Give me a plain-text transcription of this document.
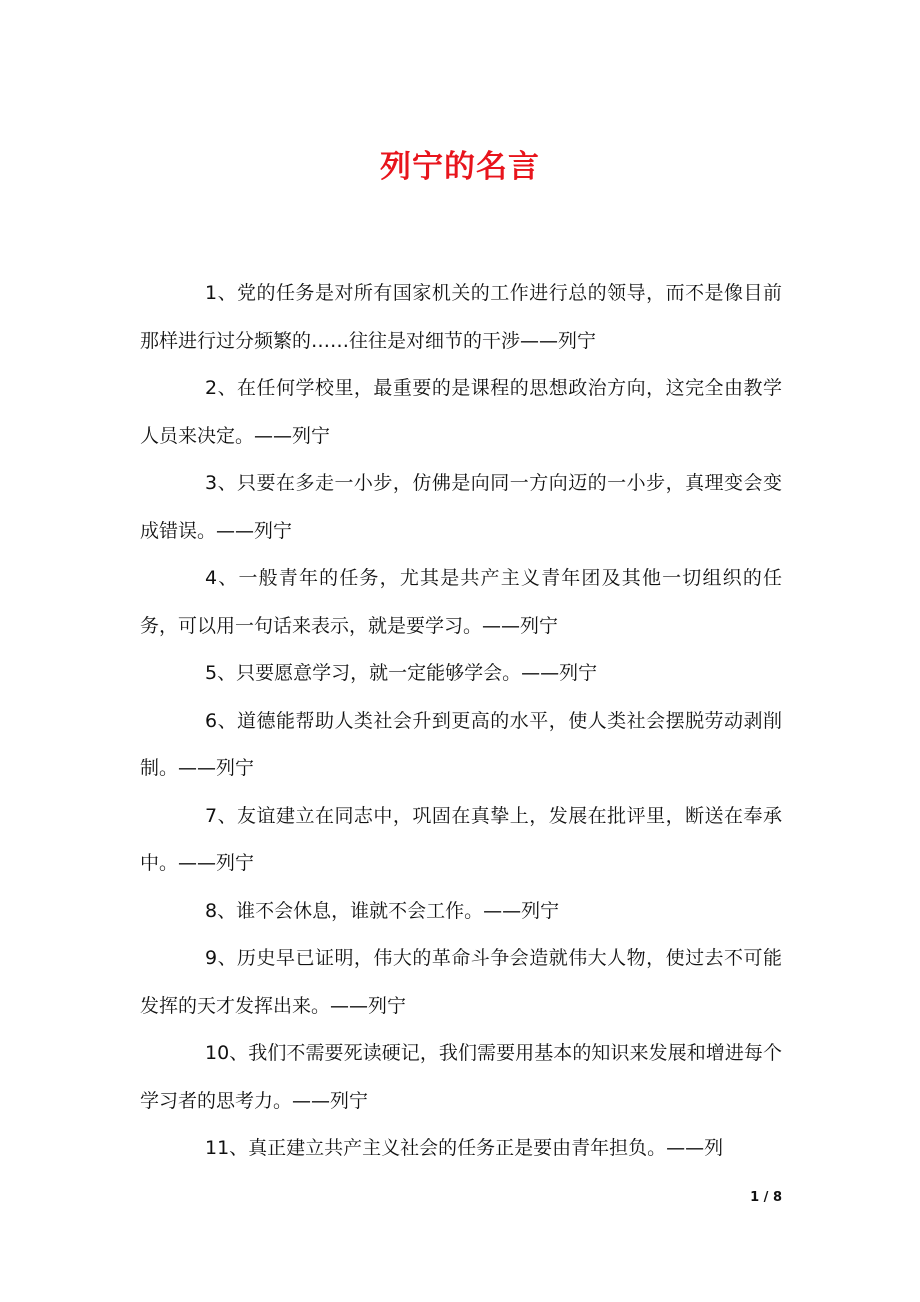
列宁的名言

1、党的任务是对所有国家机关的工作进行总的领导，而不是像目前那样进行过分频繁的……往往是对细节的干涉——列宁

2、在任何学校里，最重要的是课程的思想政治方向，这完全由教学人员来决定。——列宁

3、只要在多走一小步，仿佛是向同一方向迈的一小步，真理变会变成错误。——列宁

4、一般青年的任务，尤其是共产主义青年团及其他一切组织的任务，可以用一句话来表示，就是要学习。——列宁

5、只要愿意学习，就一定能够学会。——列宁

6、道德能帮助人类社会升到更高的水平，使人类社会摆脱劳动剥削制。——列宁

7、友谊建立在同志中，巩固在真挚上，发展在批评里，断送在奉承中。——列宁

8、谁不会休息，谁就不会工作。——列宁

9、历史早已证明，伟大的革命斗争会造就伟大人物，使过去不可能发挥的天才发挥出来。——列宁

10、我们不需要死读硬记，我们需要用基本的知识来发展和增进每个学习者的思考力。——列宁

11、真正建立共产主义社会的任务正是要由青年担负。——列

1 / 8
